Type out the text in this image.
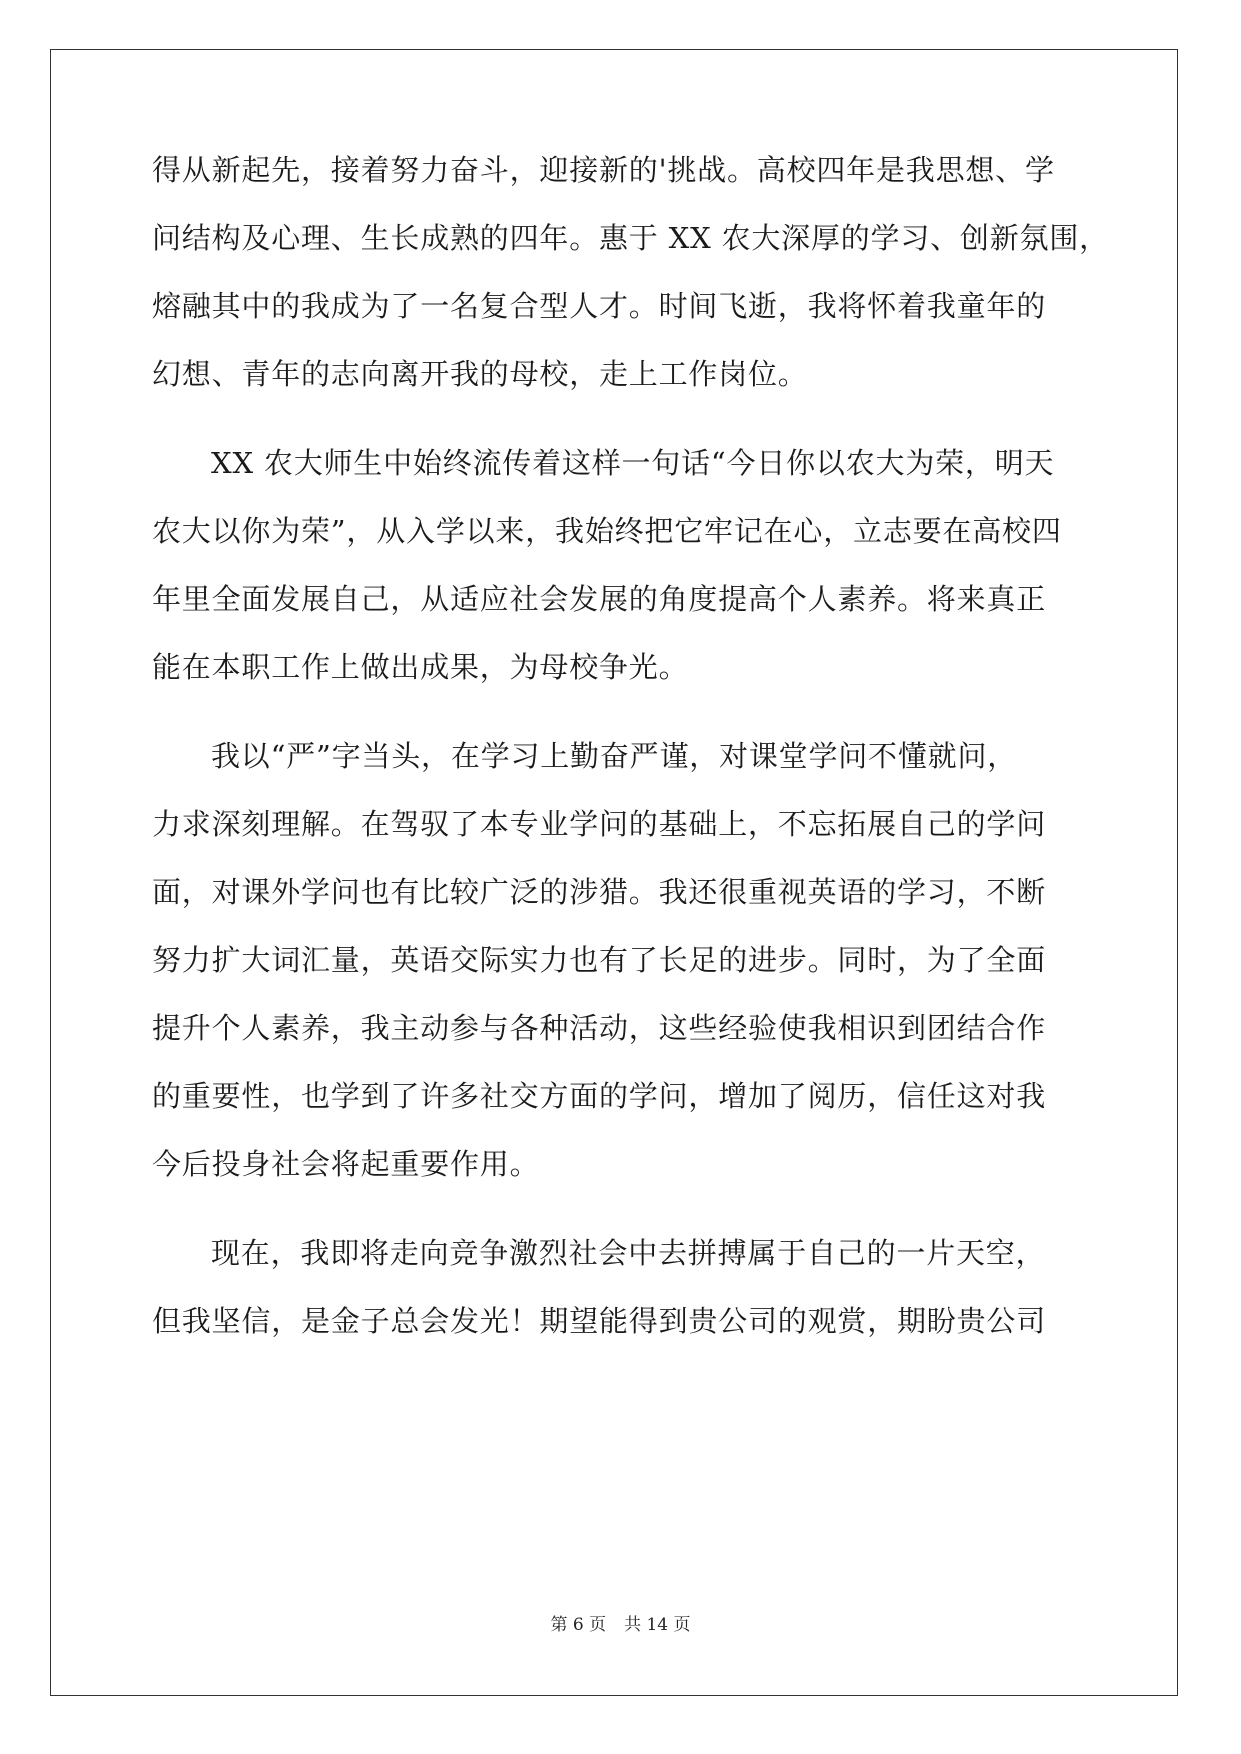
得从新起先，接着努力奋斗，迎接新的'挑战。高校四年是我思想、学
问结构及心理、生长成熟的四年。惠于 XX 农大深厚的学习、创新氛围，
熔融其中的我成为了一名复合型人才。时间飞逝，我将怀着我童年的
幻想、青年的志向离开我的母校，走上工作岗位。
XX 农大师生中始终流传着这样一句话“今日你以农大为荣，明天
农大以你为荣”，从入学以来，我始终把它牢记在心，立志要在高校四
年里全面发展自己，从适应社会发展的角度提高个人素养。将来真正
能在本职工作上做出成果，为母校争光。
我以“严”字当头，在学习上勤奋严谨，对课堂学问不懂就问，
力求深刻理解。在驾驭了本专业学问的基础上，不忘拓展自己的学问
面，对课外学问也有比较广泛的涉猎。我还很重视英语的学习，不断
努力扩大词汇量，英语交际实力也有了长足的进步。同时，为了全面
提升个人素养，我主动参与各种活动，这些经验使我相识到团结合作
的重要性，也学到了许多社交方面的学问，增加了阅历，信任这对我
今后投身社会将起重要作用。
现在，我即将走向竞争激烈社会中去拼搏属于自己的一片天空，
但我坚信，是金子总会发光！期望能得到贵公司的观赏，期盼贵公司
第 6 页 共 14 页
